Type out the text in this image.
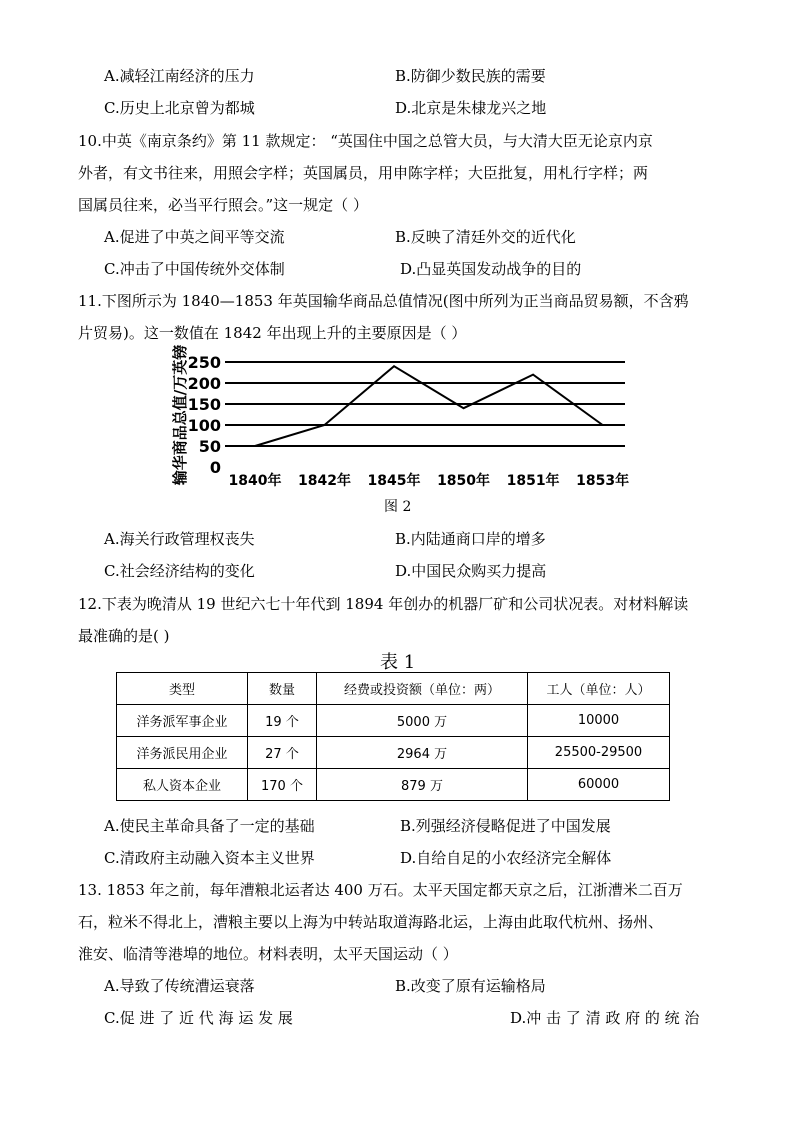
A.减轻江南经济的压力	B.防御少数民族的需要
C.历史上北京曾为都城	D.北京是朱棣龙兴之地
10.中英《南京条约》第 11 款规定： “英国住中国之总管大员，与大清大臣无论京内京
外者，有文书往来，用照会字样；英国属员，用申陈字样；大臣批复，用札行字样；两
国属员往来，必当平行照会。”这一规定（ ）
A.促进了中英之间平等交流	B.反映了清廷外交的近代化
C.冲击了中国传统外交体制	D.凸显英国发动战争的目的
11.下图所示为 1840—1853 年英国输华商品总值情况(图中所列为正当商品贸易额，不含鸦
片贸易)。这一数值在 1842 年出现上升的主要原因是（ ）
0
50
100
150
200
250
1840年 1842年 1845年 1850年 1851年 1853年
输华商品总值/万英镑
图 2
A.海关行政管理权丧失	B.内陆通商口岸的增多
C.社会经济结构的变化	D.中国民众购买力提高
12.下表为晚清从 19 世纪六七十年代到 1894 年创办的机器厂矿和公司状况表。对材料解读
最准确的是( )
表 1
类型	数量	经费或投资额（单位：两）	工人（单位：人）
洋务派军事企业	19 个	5000 万	10000
洋务派民用企业	27 个	2964 万	25500-29500
私人资本企业	170 个	879 万	60000
A.使民主革命具备了一定的基础	B.列强经济侵略促进了中国发展
C.清政府主动融入资本主义世界	D.自给自足的小农经济完全解体
13. 1853 年之前，每年漕粮北运者达 400 万石。太平天国定都天京之后，江浙漕米二百万
石，粒米不得北上，漕粮主要以上海为中转站取道海路北运，上海由此取代杭州、扬州、
淮安、临清等港埠的地位。材料表明，太平天国运动（ ）
A.导致了传统漕运衰落	B.改变了原有运输格局
C.促 进 了 近 代 海 运 发 展	D.冲 击 了 清 政 府 的 统 治
